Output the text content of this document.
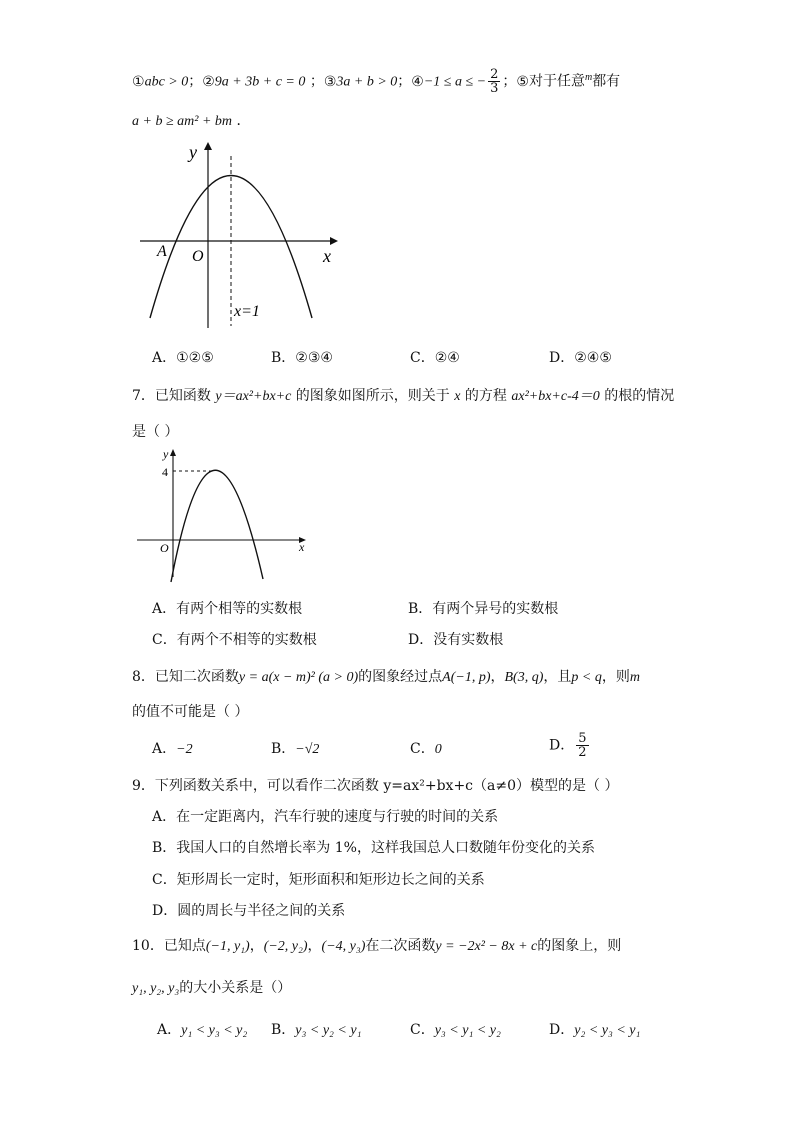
①abc > 0；②9a + 3b + c = 0 ；③3a + b > 0；④−1 ≤ a ≤ − $\frac{2}{3}$ ；⑤对于任意$^m$都有
a + b ≥ am² + bm ．
y
x
O
A
x=1
A．①②⑤	B．②③④	C．②④	D．②④⑤
7．已知函数 y＝ax²+bx+c 的图象如图所示，则关于 x 的方程 ax²+bx+c-4＝0 的根的情况
是（ ）
y
x
O
4
A．有两个相等的实数根	B．有两个异号的实数根
C．有两个不相等的实数根	D．没有实数根
8．已知二次函数y = a(x − m)² (a > 0)的图象经过点A(−1, p)，B(3, q)，且p < q，则m
的值不可能是（ ）
A．−2	B．−√2	C．0	D． $\frac{5}{2}$
9．下列函数关系中，可以看作二次函数 y=ax²+bx+c（a≠0）模型的是（ ）
A．在一定距离内，汽车行驶的速度与行驶的时间的关系
B．我国人口的自然增长率为 1%，这样我国总人口数随年份变化的关系
C．矩形周长一定时，矩形面积和矩形边长之间的关系
D．圆的周长与半径之间的关系
10．已知点(−1, y₁)，(−2, y₂)，(−4, y₃)在二次函数y = −2x² − 8x + c的图象上，则
y₁, y₂, y₃的大小关系是（）
A．y₁ < y₃ < y₂ B．y₃ < y₂ < y₁	C．y₃ < y₁ < y₂	D．y₂ < y₃ < y₁
